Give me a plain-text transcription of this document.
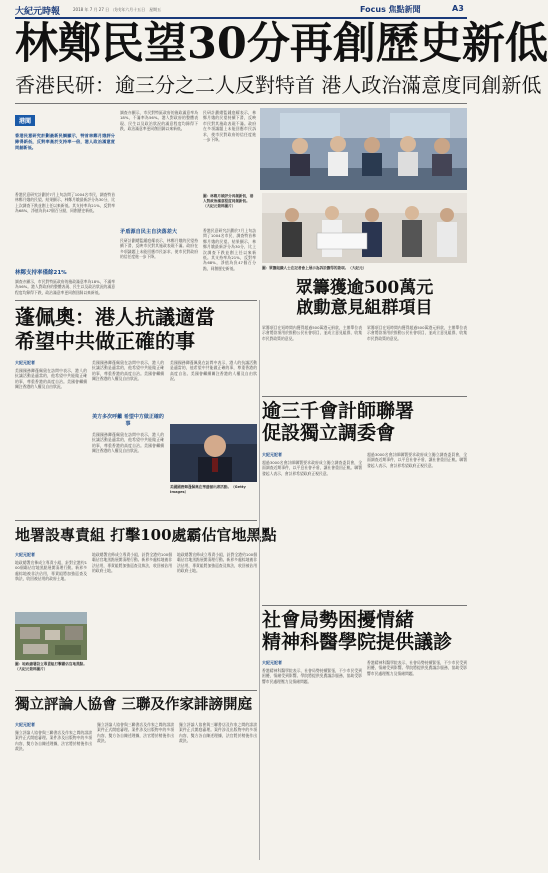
大紀元時報	2018 年 7 月 27 日　戊戌年六月十五日　星期五	Focus 焦點新聞	A3
林鄭民望30分再創歷史新低
香港民研：逾三分之二人反對特首 港人政治滿意度同創新低
港聞
香港民意研究計劃最新民調顯示，特首林鄭月娥評分錄得新低，反對率高於支持率一倍，港人政治滿意度同創新低。
香港民意研究計劃於7月上旬訪問了1004名市民，調查特首林鄭月娥的民望。結果顯示，林鄭月娥最新評分為30分，比上次調查下跌並創上任以來新低。其支持率為21%，反對率為68%，淨值為負47個百分點，同創歷史新低。
林鄭支持率僅餘21%
調查亦顯示，市民對特區政府的施政滿意率為18%，不滿率為56%。港人對政府的整體表現、民生以及政治狀況的滿意程度均錄得下跌，政治滿意率更同創回歸以來新低。
調查亦顯示，市民對特區政府的施政滿意率為18%，不滿率為56%。港人對政府的整體表現、民生以及政治狀況的滿意程度均錄得下跌，政治滿意率更同創回歸以來新低。
矛盾源自民主自決落差大
民研計劃總監鍾庭耀表示，林鄭月娥的民望持續下滑，反映市民對其施政表現不滿。政府在多項議題上未能回應市民訴求，使市民對政府的信任度進一步下降。
民研計劃總監鍾庭耀表示，林鄭月娥的民望持續下滑，反映市民對其施政表現不滿。政府在多項議題上未能回應市民訴求，使市民對政府的信任度進一步下降。
圖：林鄭月娥評分再創新低，港人對政治滿意程度同創新低。（大紀元資料圖片）
香港民意研究計劃於7月上旬訪問了1004名市民，調查特首林鄭月娥的民望。結果顯示，林鄭月娥最新評分為30分，比上次調查下跌並創上任以來新低。其支持率為21%，反對率為68%，淨值為負47個百分點，同創歷史新低。	圖：眾籌組織人士在記者會上展示為訴訟籌得的款項。（大紀元）
眾籌獲逾500萬元
啟動意見組群項目
眾籌項目在短時間內獲得超過500萬港元捐款，主辦單位表示會將款項用於推動公民社會項目，並成立意見組群，收集市民對政策的意見。
眾籌項目在短時間內獲得超過500萬港元捐款，主辦單位表示會將款項用於推動公民社會項目，並成立意見組群，收集市民對政策的意見。
蓬佩奧：港人抗議適當
希望中共做正確的事
大紀元記者
美國國務卿蓬佩奧在訪問中表示，港人的抗議活動是適當的，他希望中共能做正確的事，尊重香港的高度自治。美國會繼續關注香港的人權及自由狀況。
美國國務卿蓬佩奧在訪問中表示，港人的抗議活動是適當的，他希望中共能做正確的事，尊重香港的高度自治。美國會繼續關注香港的人權及自由狀況。
美方多次呼籲 希望中方做正確的事
美國國務卿蓬佩奧在訪問中表示，港人的抗議活動是適當的，他希望中共能做正確的事，尊重香港的高度自治。美國會繼續關注香港的人權及自由狀況。
美國國務卿蓬佩奧在訪問中表示，港人的抗議活動是適當的，他希望中共能做正確的事，尊重香港的高度自治。美國會繼續關注香港的人權及自由狀況。
美國國務卿蓬佩奧在華盛頓出席活動。（Getty Images）
逾三千會計師聯署
促設獨立調委會
大紀元記者
超過3000名會計師聯署要求政府成立獨立調查委員會，全面調查近期事件，以平息社會矛盾，讓社會重回正軌。聯署發起人表示，會計界希望政府正視民意。
超過3000名會計師聯署要求政府成立獨立調查委員會，全面調查近期事件，以平息社會矛盾，讓社會重回正軌。聯署發起人表示，會計界希望政府正視民意。
地署設專責組 打擊100處霸佔官地黑點
大紀元記者
地政總署宣佈成立專責小組，針對全港約100個霸佔官地黑點展開清理行動。新界多處棕地被非法佔用，專責組將加強巡查及執法，收回被佔用的政府土地。
圖：地政總署設立專責組打擊霸佔官地黑點。（大紀元資料圖片）
地政總署宣佈成立專責小組，針對全港約100個霸佔官地黑點展開清理行動。新界多處棕地被非法佔用，專責組將加強巡查及執法，收回被佔用的政府土地。
地政總署宣佈成立專責小組，針對全港約100個霸佔官地黑點展開清理行動。新界多處棕地被非法佔用，專責組將加強巡查及執法，收回被佔用的政府土地。
社會局勢困擾情緒
精神科醫學院提供議診
大紀元記者
香港精神科醫學院表示，社會局勢持續緊張，不少市民受到困擾，情緒受到影響。學院將提供免費議診服務，協助受影響市民處理壓力及情緒問題。
香港精神科醫學院表示，社會局勢持續緊張，不少市民受到困擾，情緒受到影響。學院將提供免費議診服務，協助受影響市民處理壓力及情緒問題。
獨立評論人協會 三聯及作家誹謗開庭
大紀元記者
獨立評論人協會與三聯書店及作家之間的誹謗案件正式開庭審理。案件涉及出版物中的多項內容，雙方各自陳述理據，法官將於稍後作出裁決。
獨立評論人協會與三聯書店及作家之間的誹謗案件正式開庭審理。案件涉及出版物中的多項內容，雙方各自陳述理據，法官將於稍後作出裁決。
獨立評論人協會與三聯書店及作家之間的誹謗案件正式開庭審理。案件涉及出版物中的多項內容，雙方各自陳述理據，法官將於稍後作出裁決。
